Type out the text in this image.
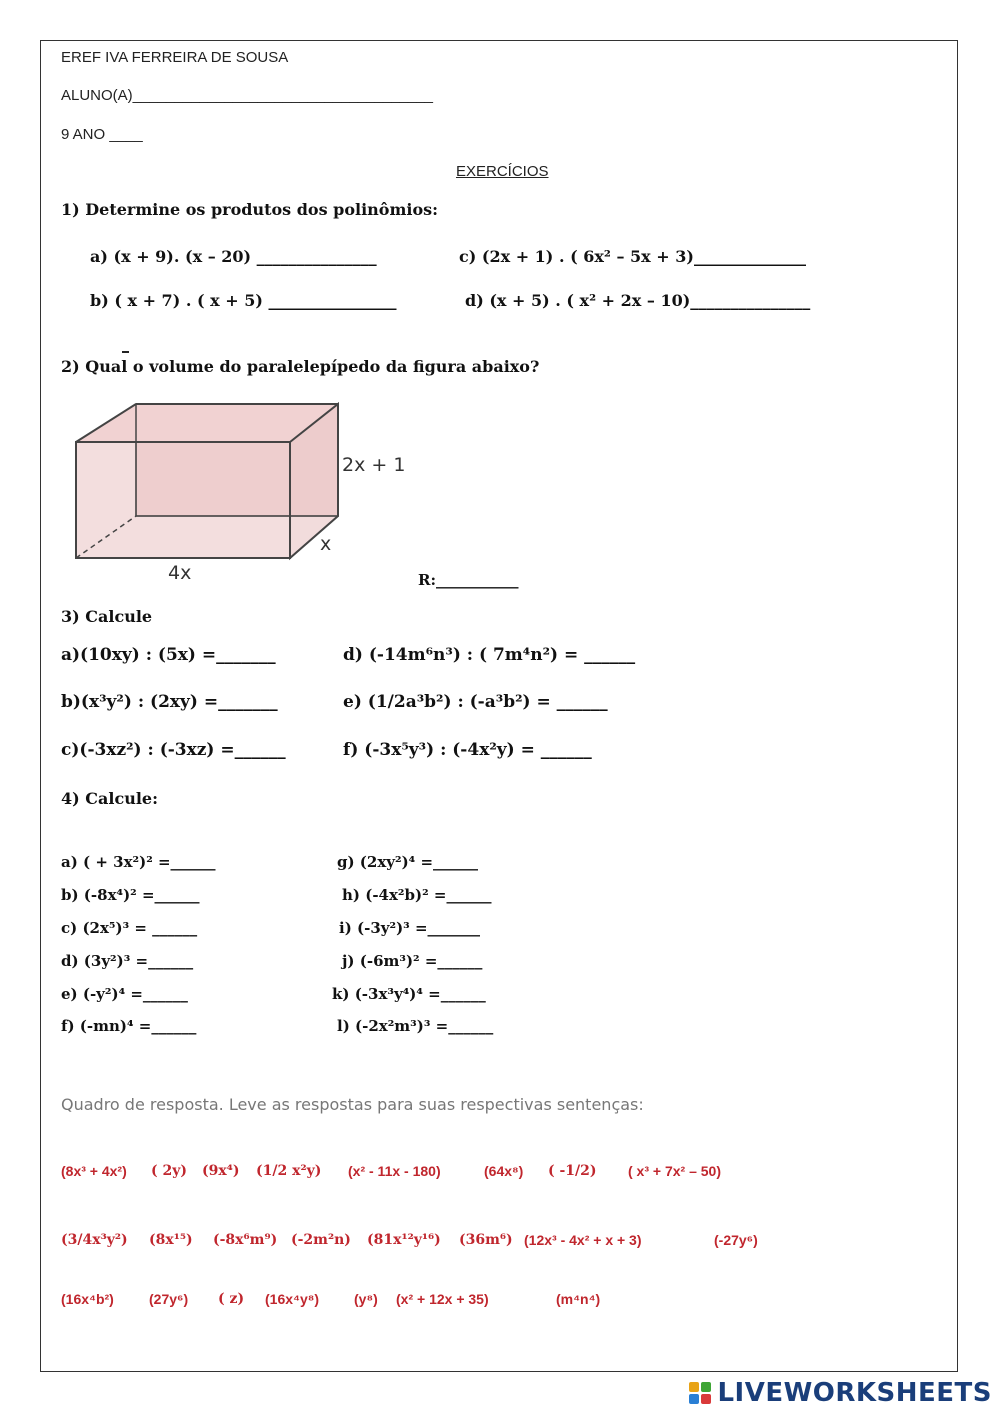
EREF IVA FERREIRA DE SOUSA
ALUNO(A)____________________________________
9 ANO ____
EXERCÍCIOS
1) Determine os produtos dos polinômios:
a) (x + 9). (x – 20) _______________
b) ( x + 7) . ( x + 5) ________________
c) (2x + 1) . ( 6x² – 5x + 3)______________
d) (x + 5) . ( x² + 2x – 10)_______________
2) Qual o volume do paralelepípedo da figura abaixo?
2x + 1
x
4x	R:___________
3) Calcule
a)(10xy) : (5x) =_______
b)(x³y²) : (2xy) =_______
c)(-3xz²) : (-3xz) =______
d) (-14m⁶n³) : ( 7m⁴n²) = ______
e) (1/2a³b²) : (-a³b²) = ______
f) (-3x⁵y³) : (-4x²y) = ______
4) Calcule:
a) ( + 3x²)² =______
b) (-8x⁴)² =______
c) (2x⁵)³ = ______
d) (3y²)³ =______
e) (-y²)⁴ =______
f) (-mn)⁴ =______
g) (2xy²)⁴ =______
h) (-4x²b)² =______
i) (-3y²)³ =_______
j) (-6m³)² =______
k) (-3x³y⁴)⁴ =______
l) (-2x²m³)³ =______
Quadro de resposta. Leve as respostas para suas respectivas sentenças:
(8x³ + 4x²) ( 2y) (9x⁴) (1/2 x²y) (x² - 11x - 180)	(64x⁸) ( -1/2) ( x³ + 7x² – 50)
(3/4x³y²) (8x¹⁵) (-8x⁶m⁹) (-2m²n) (81x¹²y¹⁶) (36m⁶) (12x³ - 4x² + x + 3)	(-27y⁶)
(16x⁴b²)	(27y⁶) ( z) (16x⁴y⁸) (y⁸) (x² + 12x + 35)	(m⁴n⁴)
LIVEWORKSHEETS
